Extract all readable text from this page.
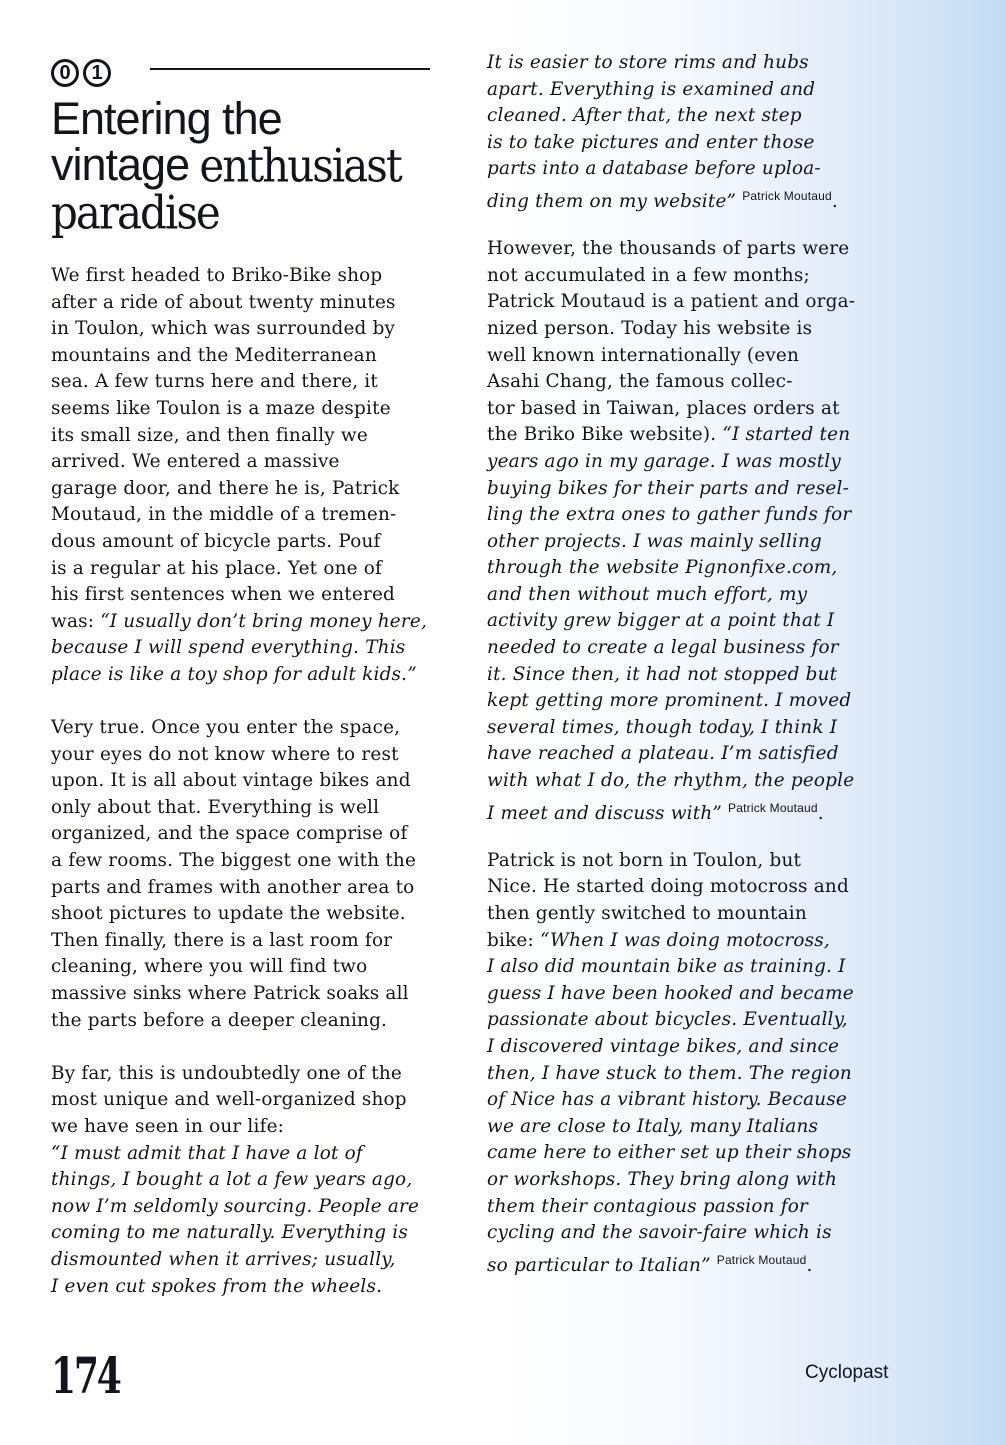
0	1
Entering the
vintage enthusiast
paradise
We first headed to Briko-Bike shop
after a ride of about twenty minutes
in Toulon, which was surrounded by
mountains and the Mediterranean
sea. A few turns here and there, it
seems like Toulon is a maze despite
its small size, and then finally we
arrived. We entered a massive
garage door, and there he is, Patrick
Moutaud, in the middle of a tremen-
dous amount of bicycle parts. Pouf
is a regular at his place. Yet one of
his first sentences when we entered
was: “I usually don’t bring money here,
because I will spend everything. This
place is like a toy shop for adult kids.”
Very true. Once you enter the space,
your eyes do not know where to rest
upon. It is all about vintage bikes and
only about that. Everything is well
organized, and the space comprise of
a few rooms. The biggest one with the
parts and frames with another area to
shoot pictures to update the website.
Then finally, there is a last room for
cleaning, where you will find two
massive sinks where Patrick soaks all
the parts before a deeper cleaning.
By far, this is undoubtedly one of the
most unique and well-organized shop
we have seen in our life:
“I must admit that I have a lot of
things, I bought a lot a few years ago,
now I’m seldomly sourcing. People are
coming to me naturally. Everything is
dismounted when it arrives; usually,
I even cut spokes from the wheels.
It is easier to store rims and hubs
apart. Everything is examined and
cleaned. After that, the next step
is to take pictures and enter those
parts into a database before uploa-
ding them on my website” $^{Patrick Moutaud}$.
However, the thousands of parts were
not accumulated in a few months;
Patrick Moutaud is a patient and orga-
nized person. Today his website is
well known internationally (even
Asahi Chang, the famous collec-
tor based in Taiwan, places orders at
the Briko Bike website). “I started ten
years ago in my garage. I was mostly
buying bikes for their parts and resel-
ling the extra ones to gather funds for
other projects. I was mainly selling
through the website Pignonfixe.com,
and then without much effort, my
activity grew bigger at a point that I
needed to create a legal business for
it. Since then, it had not stopped but
kept getting more prominent. I moved
several times, though today, I think I
have reached a plateau. I’m satisfied
with what I do, the rhythm, the people
I meet and discuss with” $^{Patrick Moutaud}$.
Patrick is not born in Toulon, but
Nice. He started doing motocross and
then gently switched to mountain
bike: “When I was doing motocross,
I also did mountain bike as training. I
guess I have been hooked and became
passionate about bicycles. Eventually,
I discovered vintage bikes, and since
then, I have stuck to them. The region
of Nice has a vibrant history. Because
we are close to Italy, many Italians
came here to either set up their shops
or workshops. They bring along with
them their contagious passion for
cycling and the savoir-faire which is
so particular to Italian” $^{Patrick Moutaud}$.
174	Cyclopast
